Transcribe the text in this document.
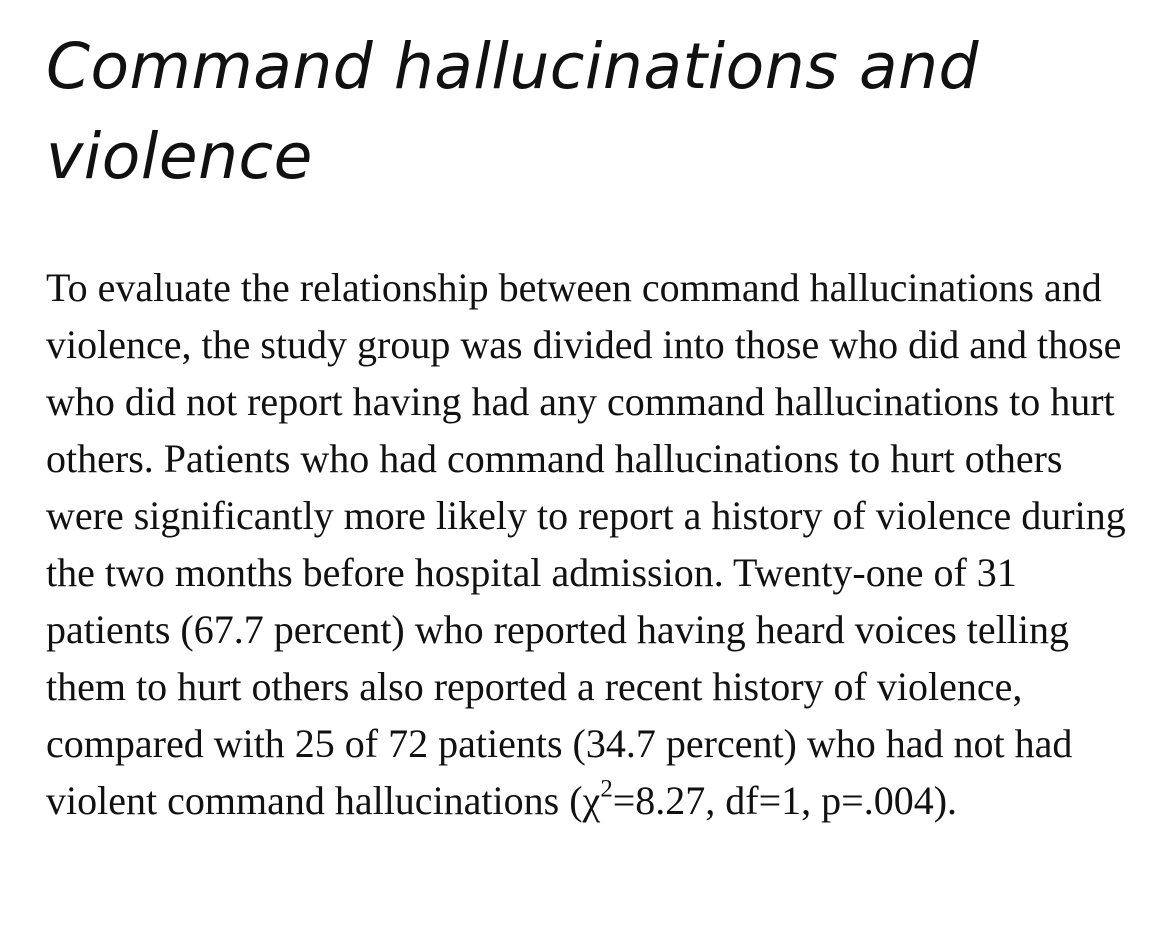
Command hallucinations and violence

To evaluate the relationship between command hallucinations and violence, the study group was divided into those who did and those who did not report having had any command hallucinations to hurt others. Patients who had command hallucinations to hurt others were significantly more likely to report a history of violence during the two months before hospital admission. Twenty-one of 31 patients (67.7 percent) who reported having heard voices telling them to hurt others also reported a recent history of violence, compared with 25 of 72 patients (34.7 percent) who had not had violent command hallucinations ($\chi^2=8.27$, df=1, p=.004).
